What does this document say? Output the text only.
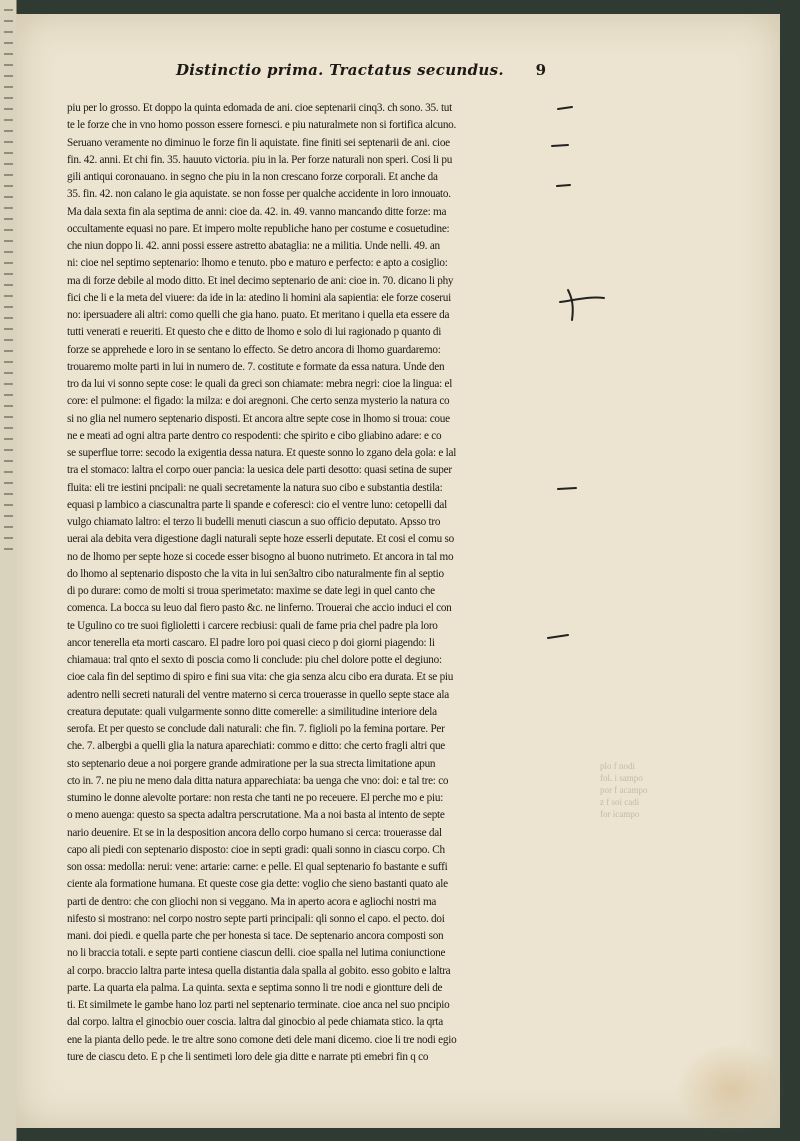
Distinctio prima. Tractatus secundus. 9
piu per lo grosso. Et doppo la quinta edomada de ani. cioe septenarii cinq3. ch sono. 35. tut
te le forze che in vno homo posson essere fornesci. e piu naturalmete non si fortifica alcuno.
Seruano veramente no diminuo le forze fin li aquistate. fine finiti sei septenarii de ani. cioe
fin. 42. anni. Et chi fin. 35. hauuto victoria. piu in la. Per forze naturali non speri. Cosi li pu
gili antiqui coronauano. in segno che piu in la non crescano forze corporali. Et anche da
35. fin. 42. non calano le gia aquistate. se non fosse per qualche accidente in loro innouato.
Ma dala sexta fin ala septima de anni: cioe da. 42. in. 49. vanno mancando ditte forze: ma
occultamente equasi no pare. Et impero molte republiche hano per costume e cosuetudine:
che niun doppo li. 42. anni possi essere astretto abataglia: ne a militia. Unde nelli. 49. an
ni: cioe nel septimo septenario: lhomo e tenuto. pbo e maturo e perfecto: e apto a cosiglio:
ma di forze debile al modo ditto. Et inel decimo septenario de ani: cioe in. 70. dicano li phy
fici che li e la meta del viuere: da ide in la: atedino li homini ala sapientia: ele forze coserui
no: ipersuadere ali altri: como quelli che gia hano. puato. Et meritano i quella eta essere da
tutti venerati e reueriti. Et questo che e ditto de lhomo e solo di lui ragionado p quanto di
forze se apprehede e loro in se sentano lo effecto. Se detro ancora di lhomo guardaremo:
trouaremo molte parti in lui in numero de. 7. costitute e formate da essa natura. Unde den
tro da lui vi sonno septe cose: le quali da greci son chiamate: mebra negri: cioe la lingua: el
core: el pulmone: el figado: la milza: e doi aregnoni. Che certo senza mysterio la natura co
si no glia nel numero septenario disposti. Et ancora altre septe cose in lhomo si troua: coue
ne e meati ad ogni altra parte dentro co respodenti: che spirito e cibo gliabino adare: e co
se superflue torre: secodo la exigentia dessa natura. Et queste sonno lo zgano dela gola: e lal
tra el stomaco: laltra el corpo ouer pancia: la uesica dele parti desotto: quasi setina de super
fluita: eli tre iestini pncipali: ne quali secretamente la natura suo cibo e substantia destila:
equasi p lambico a ciascunaltra parte li spande e coferesci: cio el ventre luno: cetopelli dal
vulgo chiamato laltro: el terzo li budelli menuti ciascun a suo officio deputato. Apsso tro
uerai ala debita vera digestione dagli naturali septe hoze esserli deputate. Et cosi el comu so
no de lhomo per septe hoze si cocede esser bisogno al buono nutrimeto. Et ancora in tal mo
do lhomo al septenario disposto che la vita in lui sen3altro cibo naturalmente fin al septio
di po durare: como de molti si troua sperimetato: maxime se date legi in quel canto che
comenca. La bocca su leuo dal fiero pasto &c. ne linferno. Trouerai che accio induci el con
te Ugulino co tre suoi figlioletti i carcere recbiusi: quali de fame pria chel padre pla loro
ancor tenerella eta morti cascaro. El padre loro poi quasi cieco p doi giorni piagendo: li
chiamaua: tral qnto el sexto di poscia como li conclude: piu chel dolore potte el degiuno:
cioe cala fin del septimo di spiro e fini sua vita: che gia senza alcu cibo era durata. Et se piu
adentro nelli secreti naturali del ventre materno si cerca trouerasse in quello septe stace ala
creatura deputate: quali vulgarmente sonno ditte comerelle: a similitudine interiore dela
serofa. Et per questo se conclude dali naturali: che fin. 7. figlioli po la femina portare. Per
che. 7. albergbi a quelli glia la natura aparechiati: commo e ditto: che certo fragli altri que
sto septenario deue a noi porgere grande admiratione per la sua strecta limitatione apun
cto in. 7. ne piu ne meno dala ditta natura apparechiata: ba uenga che vno: doi: e tal tre: co
stumino le donne alevolte portare: non resta che tanti ne po receuere. El perche mo e piu:
o meno auenga: questo sa specta adaltra perscrutatione. Ma a noi basta al intento de septe
nario deuenire. Et se in la desposition ancora dello corpo humano si cerca: trouerasse dal
capo ali piedi con septenario disposto: cioe in septi gradi: quali sonno in ciascu corpo. Ch
son ossa: medolla: nerui: vene: artarie: carne: e pelle. El qual septenario fo bastante e suffi
ciente ala formatione humana. Et queste cose gia dette: voglio che sieno bastanti quato ale
parti de dentro: che con gliochi non si veggano. Ma in aperto acora e agliochi nostri ma
nifesto si mostrano: nel corpo nostro septe parti principali: qli sonno el capo. el pecto. doi
mani. doi piedi. e quella parte che per honesta si tace. De septenario ancora composti son
no li braccia totali. e septe parti contiene ciascun delli. cioe spalla nel lutima coniunctione
al corpo. braccio laltra parte intesa quella distantia dala spalla al gobito. esso gobito e laltra
parte. La quarta ela palma. La quinta. sexta e septima sonno li tre nodi e giontture deli de
ti. Et similmete le gambe hano loz parti nel septenario terminate. cioe anca nel suo pncipio
dal corpo. laltra el ginocbio ouer coscia. laltra dal ginocbio al pede chiamata stico. la qrta
ene la pianta dello pede. le tre altre sono comone deti dele mani dicemo. cioe li tre nodi egio
ture de ciascu deto. E p che li sentimeti loro dele gia ditte e narrate pti emebri fin q co
plo f nodi
fol. i sampo
por f acampo
z f soi cadi
for icampo
